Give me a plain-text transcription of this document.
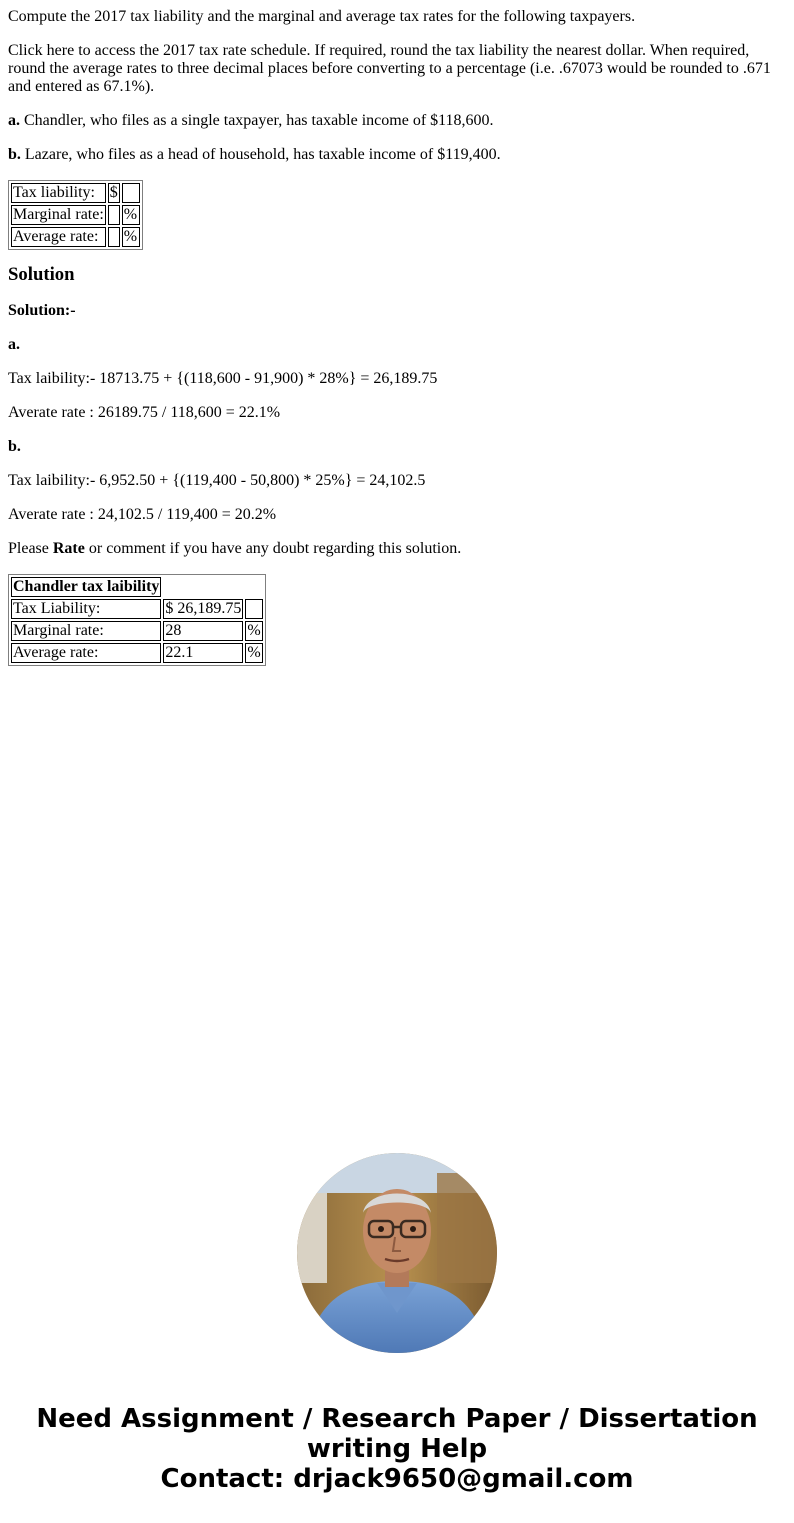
Compute the 2017 tax liability and the marginal and average tax rates for the following taxpayers.

Click here to access the 2017 tax rate schedule. If required, round the tax liability the nearest dollar. When required, round the average rates to three decimal places before converting to a percentage (i.e. .67073 would be rounded to .671 and entered as 67.1%).

a. Chandler, who files as a single taxpayer, has taxable income of $118,600.

b. Lazare, who files as a head of household, has taxable income of $119,400.

Tax liability:	$	
Marginal rate:		%
Average rate:		%
Solution

Solution:-

a.

Tax laibility:- 18713.75 + {(118,600 - 91,900) * 28%} = 26,189.75

Averate rate : 26189.75 / 118,600 = 22.1%

b.

Tax laibility:- 6,952.50 + {(119,400 - 50,800) * 25%} = 24,102.5

Averate rate : 24,102.5 / 119,400 = 20.2%

Please Rate or comment if you have any doubt regarding this solution.

Chandler tax laibility		
Tax Liability:	$ 26,189.75	
Marginal rate:	28	%
Average rate:	22.1	%
Need Assignment / Research Paper / Dissertation
writing Help
Contact: drjack9650@gmail.com
